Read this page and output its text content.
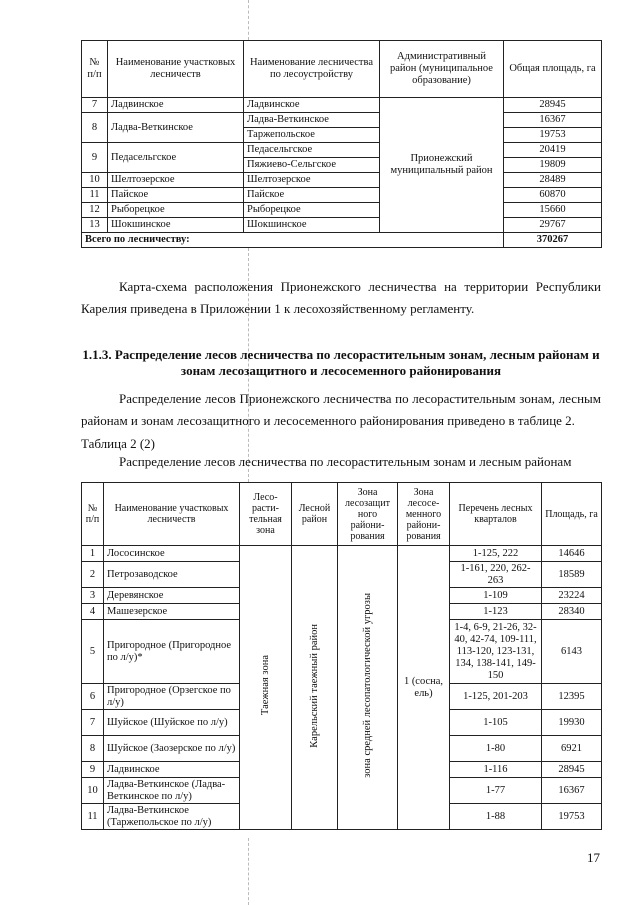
№ п/п	Наименование участковых лесничеств	Наименование лесничества по лесоустройству	Административный район (муниципальное образование)	Общая площадь, га
7	Ладвинское	Ладвинское	Прионежский муниципальный район	28945
8	Ладва-Веткинское	Ладва-Веткинское		16367
		Таржепольское		19753
9	Педасельгское	Педасельгское		20419
		Пяжиево-Сельгское		19809
10	Шелтозерское	Шелтозерское		28489
11	Пайское	Пайское		60870
12	Рыборецкое	Рыборецкое		15660
13	Шокшинское	Шокшинское		29767
Всего по лесничеству:				370267
Карта-схема расположения Прионежского лесничества на территории Республики Карелия приведена в Приложении 1 к лесохозяйственному регламенту.
1.1.3. Распределение лесов лесничества по лесорастительным зонам, лесным районам и зонам лесозащитного и лесосеменного районирования
Распределение лесов Прионежского лесничества по лесорастительным зонам, лесным районам и зонам лесозащитного и лесосеменного районирования приведено в таблице 2.
Таблица 2 (2)
Распределение лесов лесничества по лесорастительным зонам и лесным районам
№ п/п	Наименование участковых лесничеств	Лесо-расти-тельная зона	Лесной район	Зона лесозащит ного райони-рования	Зона лесосе-менного райони-рования	Перечень лесных кварталов	Площадь, га
1	Лососинское	Таежная зона	Карельский таежный район	зона средней лесопатологической угрозы	1 (сосна, ель)	1-125, 222	14646
2	Петрозаводское					1-161, 220, 262-263	18589
3	Деревянское					1-109	23224
4	Машезерское					1-123	28340
5	Пригородное (Пригородное по л/у)*					1-4, 6-9, 21-26, 32-40, 42-74, 109-111, 113-120, 123-131, 134, 138-141, 149-150	6143
6	Пригородное (Орзегское по л/у)					1-125, 201-203	12395
7	Шуйское (Шуйское по л/у)					1-105	19930
8	Шуйское (Заозерское по л/у)					1-80	6921
9	Ладвинское					1-116	28945
10	Ладва-Веткинское (Ладва-Веткинское по л/у)					1-77	16367
11	Ладва-Веткинское (Таржепольское по л/у)					1-88	19753
17
